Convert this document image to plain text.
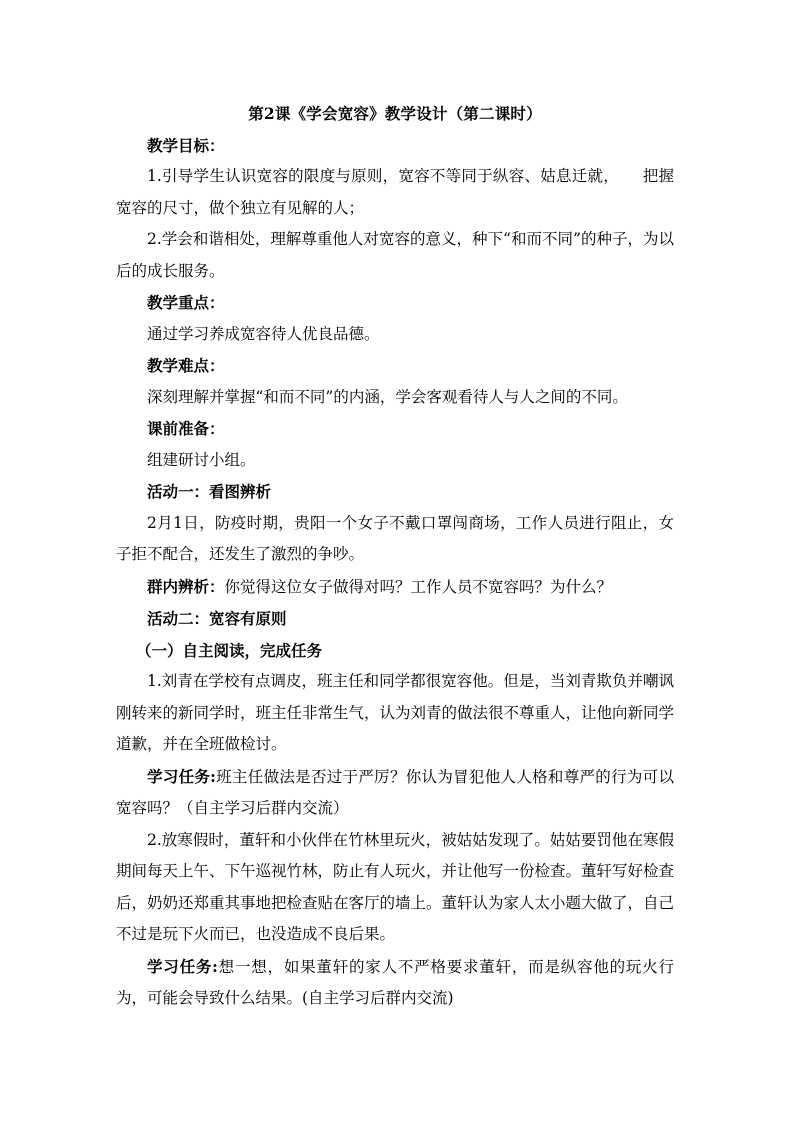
第2课《学会宽容》教学设计（第二课时）

教学目标：

1.引导学生认识宽容的限度与原则，宽容不等同于纵容、姑息迁就，　　把握宽容的尺寸，做个独立有见解的人；

2.学会和谐相处，理解尊重他人对宽容的意义，种下“和而不同”的种子，为以后的成长服务。

教学重点：

通过学习养成宽容待人优良品德。

教学难点：

深刻理解并掌握“和而不同”的内涵，学会客观看待人与人之间的不同。

课前准备：

组建研讨小组。

活动一：看图辨析

2月1日，防疫时期，贵阳一个女子不戴口罩闯商场，工作人员进行阻止，女子拒不配合，还发生了激烈的争吵。

群内辨析：你觉得这位女子做得对吗？工作人员不宽容吗？为什么？

活动二：宽容有原则

（一）自主阅读，完成任务

1.刘青在学校有点调皮，班主任和同学都很宽容他。但是，当刘青欺负并嘲讽刚转来的新同学时，班主任非常生气，认为刘青的做法很不尊重人，让他向新同学道歉，并在全班做检讨。

学习任务:班主任做法是否过于严厉？你认为冒犯他人人格和尊严的行为可以宽容吗？（自主学习后群内交流）

2.放寒假时，董轩和小伙伴在竹林里玩火，被姑姑发现了。姑姑要罚他在寒假期间每天上午、下午巡视竹林，防止有人玩火，并让他写一份检查。董轩写好检查后，奶奶还郑重其事地把检查贴在客厅的墙上。董轩认为家人太小题大做了，自己不过是玩下火而已，也没造成不良后果。

学习任务:想一想，如果董轩的家人不严格要求董轩，而是纵容他的玩火行为，可能会导致什么结果。(自主学习后群内交流)
